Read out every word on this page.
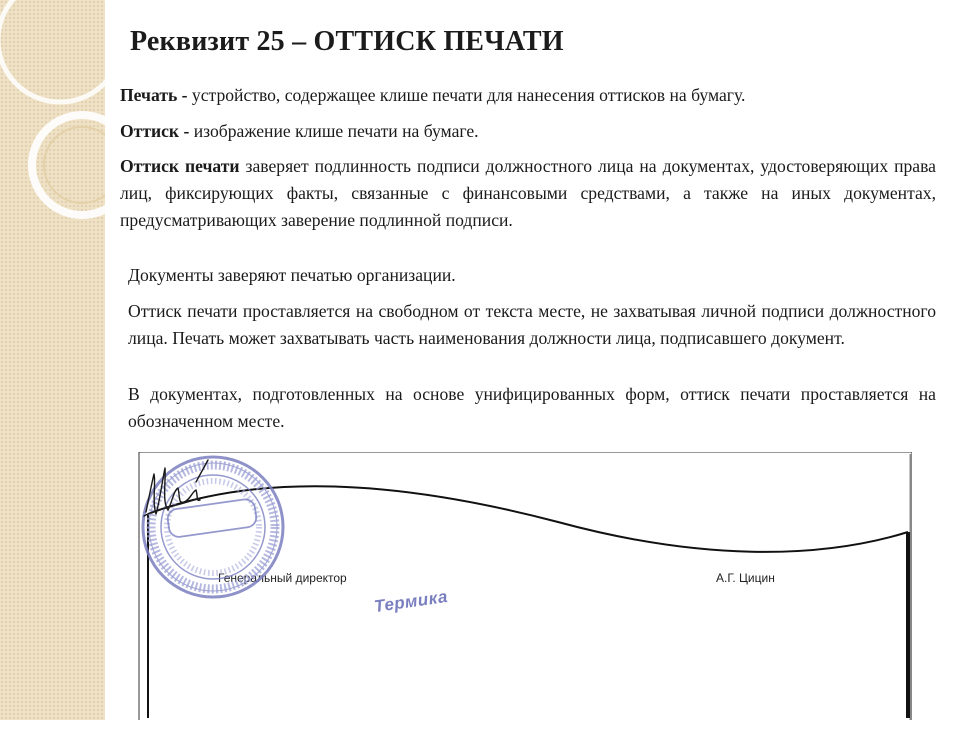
Реквизит 25 – ОТТИСК ПЕЧАТИ

Печать - устройство, содержащее клише печати для нанесения оттисков на бумагу.

Оттиск - изображение клише печати на бумаге.

Оттиск печати заверяет подлинность подписи должностного лица на документах, удостоверяющих права лиц, фиксирующих факты, связанные с финансовыми средствами, а также на иных документах, предусматривающих заверение подлинной подписи.

Документы заверяют печатью организации.

Оттиск печати проставляется на свободном от текста месте, не захватывая личной подписи должностного лица. Печать может захватывать часть наименования должности лица, подписавшего документ.

В документах, подготовленных на основе унифицированных форм, оттиск печати проставляется на обозначенном месте.

Генеральный директор
Термика
А.Г. Цицин
